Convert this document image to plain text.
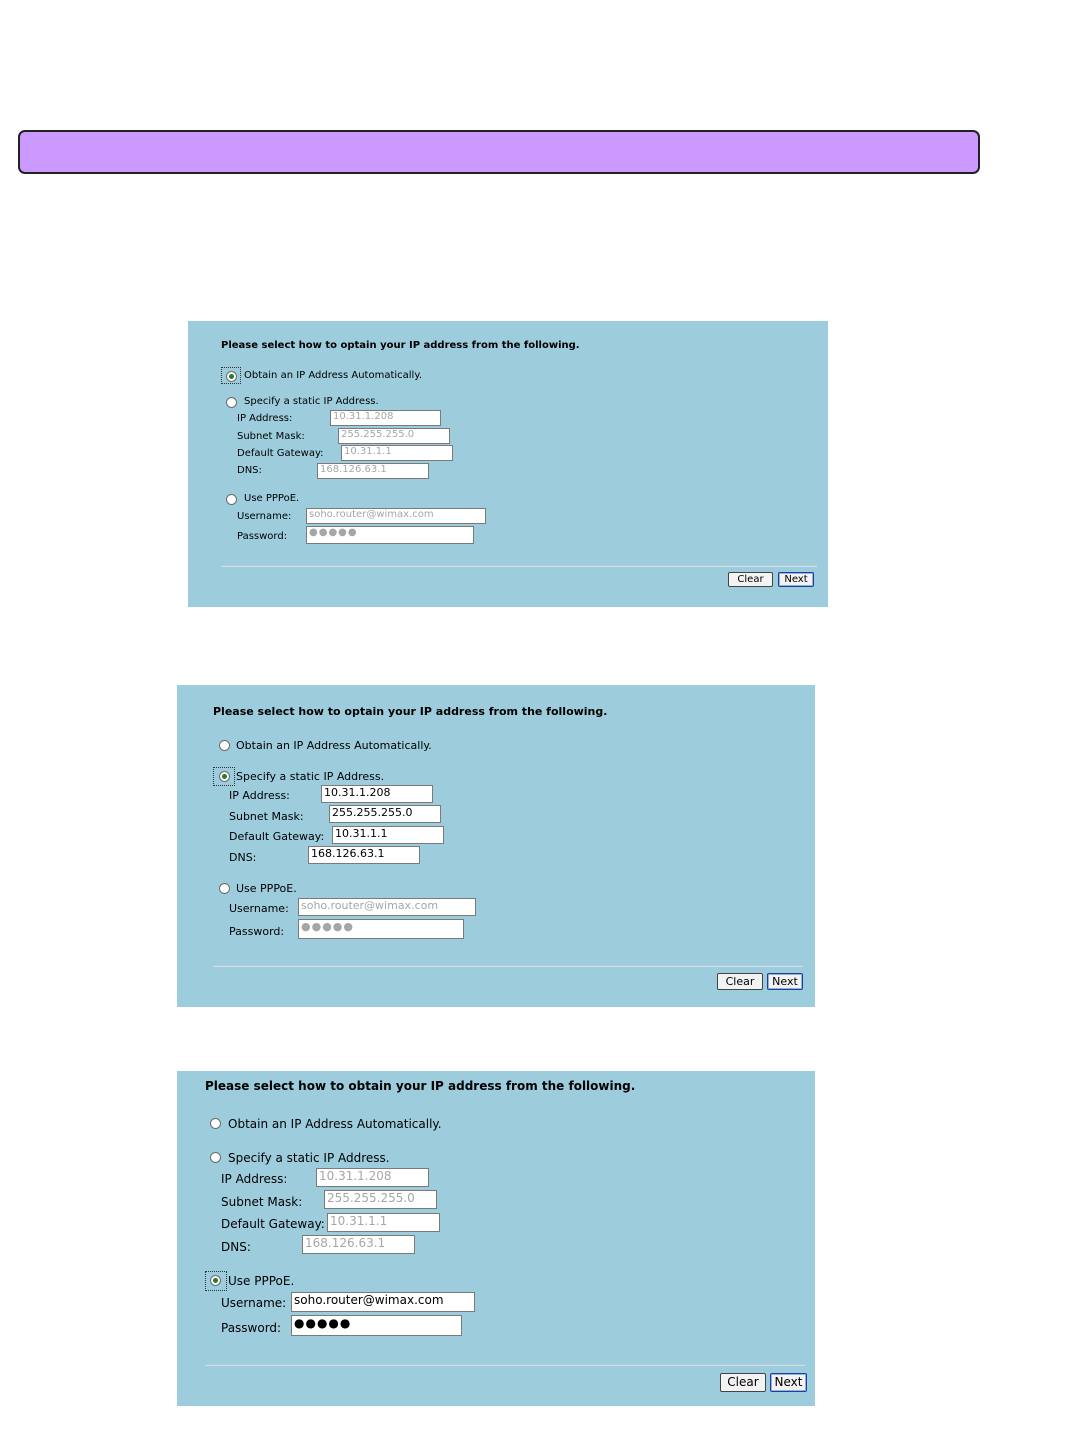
Please select how to optain your IP address from the following.
Obtain an IP Address Automatically.
Specify a static IP Address.
IP Address:	10.31.1.208
Subnet Mask:	255.255.255.0
Default Gateway:	10.31.1.1
DNS:	168.126.63.1
Use PPPoE.
Username:	soho.router@wimax.com
Password:	●●●●●
Clear	Next
Please select how to optain your IP address from the following.
Obtain an IP Address Automatically.
Specify a static IP Address.
IP Address:	10.31.1.208
Subnet Mask:	255.255.255.0
Default Gateway: 10.31.1.1
DNS:	168.126.63.1
Use PPPoE.
Username: soho.router@wimax.com
Password: ●●●●●
Clear	Next
Please select how to obtain your IP address from the following.
Obtain an IP Address Automatically.
Specify a static IP Address.
IP Address:	10.31.1.208
Subnet Mask: 255.255.255.0
Default Gateway: 10.31.1.1
DNS:	168.126.63.1
Use PPPoE.
Username: soho.router@wimax.com
Password: ●●●●●
Clear	Next
